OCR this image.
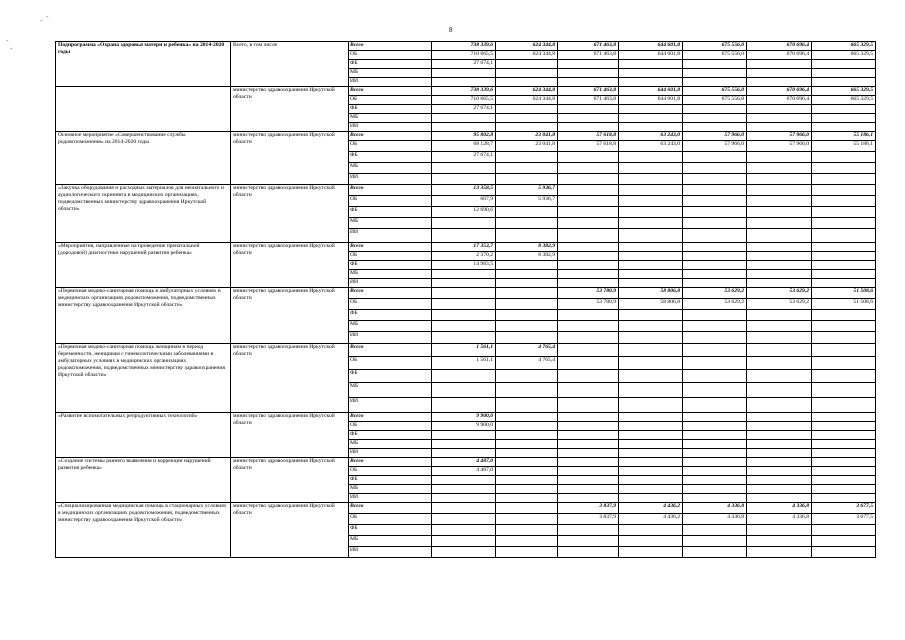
8
-
-
- -
Подпрограмма «Охрана здоровья матери и ребенка» на 2014-2020 годы	Всего, в том числе	Всего	738 339,6	624 344,8	671 463,8	644 601,8	675 556,0	670 696,4	665 329,5
		ОБ	710 665,5	624 344,8	671 463,8	644 601,8	675 556,0	670 696,4	665 329,5
		ФБ	27 674,1						
		МБ							
		ИИ							
	министерство здравоохранения Иркутской области	Всего	738 339,6	624 344,8	671 463,8	644 601,8	675 556,0	670 696,4	665 329,5
		ОБ	710 665,5	624 344,8	671 463,8	644 601,8	675 556,0	670 696,4	665 329,5
		ФБ	27 674,1						
		МБ							
		ИИ							
Основное мероприятие «Совершенствование службы родовспоможения» на 2014-2020 годы	министерство здравоохранения Иркутской области	Всего	95 802,8	23 041,8	57 618,8	63 243,0	57 966,0	57 966,0	55 186,1
		ОБ	68 128,7	23 041,8	57 618,8	63 243,0	57 966,0	57 966,0	55 186,1
		ФБ	27 674,1						
		МБ							
		ИИ							
«Закупка оборудования и расходных материалов для неонатального и аудиологического скрининга в медицинских организациях, подведомственных министерству здравоохранения Иркутской области»	министерство здравоохранения Иркутской области	Всего	13 358,5	5 936,7					
		ОБ	667,9	5 936,7					
		ФБ	12 690,6						
		МБ							
		ИИ							
«Мероприятия, направленные на проведение пренатальной (дородовой) диагностики нарушений развития ребенка»	министерство здравоохранения Иркутской области	Всего	17 353,7	8 382,9					
		ОБ	2 370,2	8 382,9					
		ФБ	14 983,5						
		МБ							
		ИИ							
«Первичная медико-санитарная помощь в амбулаторных условиях в медицинских организациях родовспоможения, подведомственных министерству здравоохранения Иркутской области»	министерство здравоохранения Иркутской области	Всего			53 780,9	58 806,8	53 629,2	53 629,2	51 508,6
		ОБ			53 780,9	58 806,8	53 629,2	53 629,2	51 508,6
		ФБ							
		МБ							
		ИИ							
«Первичная медико-санитарная помощь женщинам в период беременности, женщинам с гинекологическими заболеваниями в амбулаторных условиях в медицинских организациях родовспоможения, подведомственных министерству здравоохранения Иркутской области»	министерство здравоохранения Иркутской области	Всего	1 561,1	4 765,4					
		ОБ	1 561,1	4 765,4					
		ФБ							
		МБ							
		ИИ							
«Развитие вспомогательных репродуктивных технологий»	министерство здравоохранения Иркутской области	Всего	9 900,0						
		ОБ	9 900,0						
		ФБ							
		МБ							
		ИИ							
«Создание системы раннего выявления и коррекции нарушений развития ребенка»	министерство здравоохранения Иркутской области	Всего	4 487,0						
		ОБ	4 487,0						
		ФБ							
		МБ							
		ИИ							
«Специализированная медицинская помощь в стационарных условиях в медицинских организациях родовспоможения, подведомственных министерству здравоохранения Иркутской области»	министерство здравоохранения Иркутской области	Всего			3 837,9	4 436,2	4 336,8	4 336,8	3 677,5
		ОБ			3 837,9	4 436,2	4 336,8	4 336,8	3 677,5
		ФБ							
		МБ							
		ИИ							
